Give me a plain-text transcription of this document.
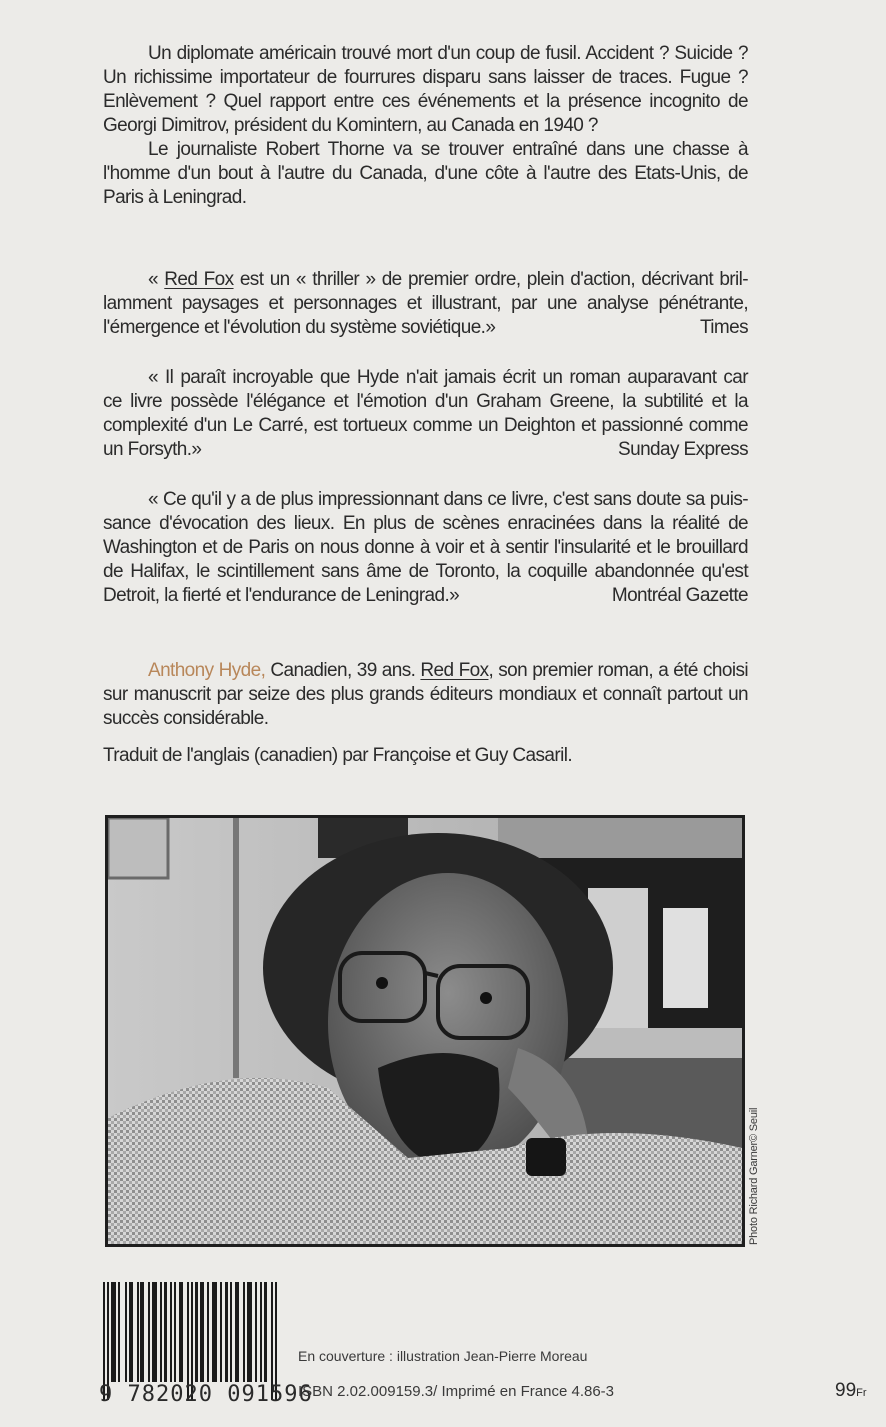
Un diplomate américain trouvé mort d'un coup de fusil. Accident ? Suicide ?
Un richissime importateur de fourrures disparu sans laisser de traces. Fugue ?
Enlèvement ? Quel rapport entre ces événements et la présence incognito de
Georgi Dimitrov, président du Komintern, au Canada en 1940 ?
Le journaliste Robert Thorne va se trouver entraîné dans une chasse à
l'homme d'un bout à l'autre du Canada, d'une côte à l'autre des Etats-Unis, de
Paris à Leningrad.
« Red Fox est un « thriller » de premier ordre, plein d'action, décrivant bril-
lamment paysages et personnages et illustrant, par une analyse pénétrante,
l'émergence et l'évolution du système soviétique.»	Times
« Il paraît incroyable que Hyde n'ait jamais écrit un roman auparavant car
ce livre possède l'élégance et l'émotion d'un Graham Greene, la subtilité et la
complexité d'un Le Carré, est tortueux comme un Deighton et passionné comme
un Forsyth.»	Sunday Express
« Ce qu'il y a de plus impressionnant dans ce livre, c'est sans doute sa puis-
sance d'évocation des lieux. En plus de scènes enracinées dans la réalité de
Washington et de Paris on nous donne à voir et à sentir l'insularité et le brouillard
de Halifax, le scintillement sans âme de Toronto, la coquille abandonnée qu'est
Detroit, la fierté et l'endurance de Leningrad.»	Montréal Gazette
Anthony Hyde, Canadien, 39 ans. Red Fox, son premier roman, a été choisi
sur manuscrit par seize des plus grands éditeurs mondiaux et connaît partout un
succès considérable.
Traduit de l'anglais (canadien) par Françoise et Guy Casaril.
Photo Richard Garner© Seuil
9 782020 091596
En couverture : illustration Jean-Pierre Moreau
ISBN 2.02.009159.3/ Imprimé en France 4.86-3	99Fr
